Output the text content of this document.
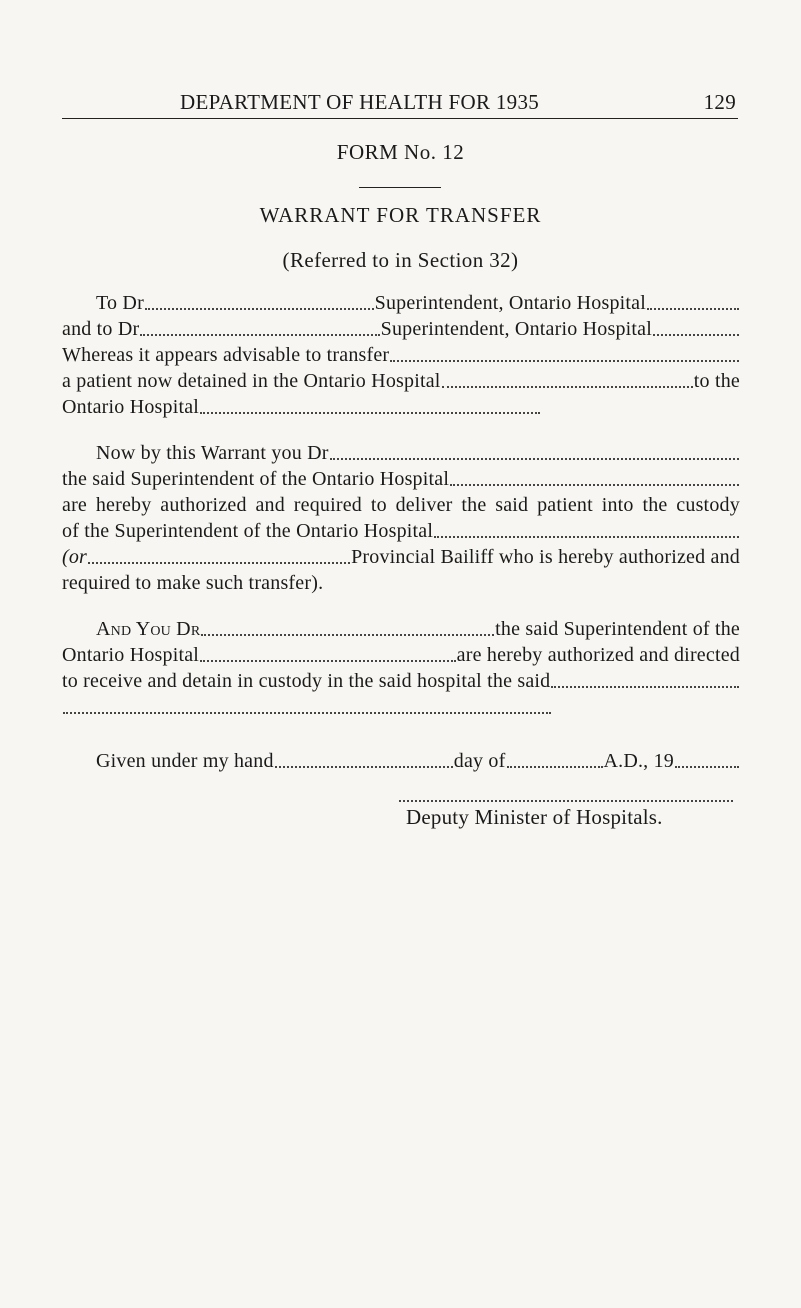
DEPARTMENT OF HEALTH FOR 1935	129
FORM No. 12
WARRANT FOR TRANSFER
(Referred to in Section 32)
To Dr	Superintendent, Ontario Hospital
and to Dr	Superintendent, Ontario Hospital
Whereas it appears advisable to transfer
a patient now detained in the Ontario Hospital	to the
Ontario Hospital
Now by this Warrant you Dr
the said Superintendent of the Ontario Hospital
are hereby authorized and required to deliver the said patient into the custody
of the Superintendent of the Ontario Hospital
(or	Provincial Bailiff who is hereby authorized and
required to make such transfer).
And You Dr	the said Superintendent of the
Ontario Hospital	are hereby authorized and directed
to receive and detain in custody in the said hospital the said
Given under my hand	day of	A.D., 19
Deputy Minister of Hospitals.
